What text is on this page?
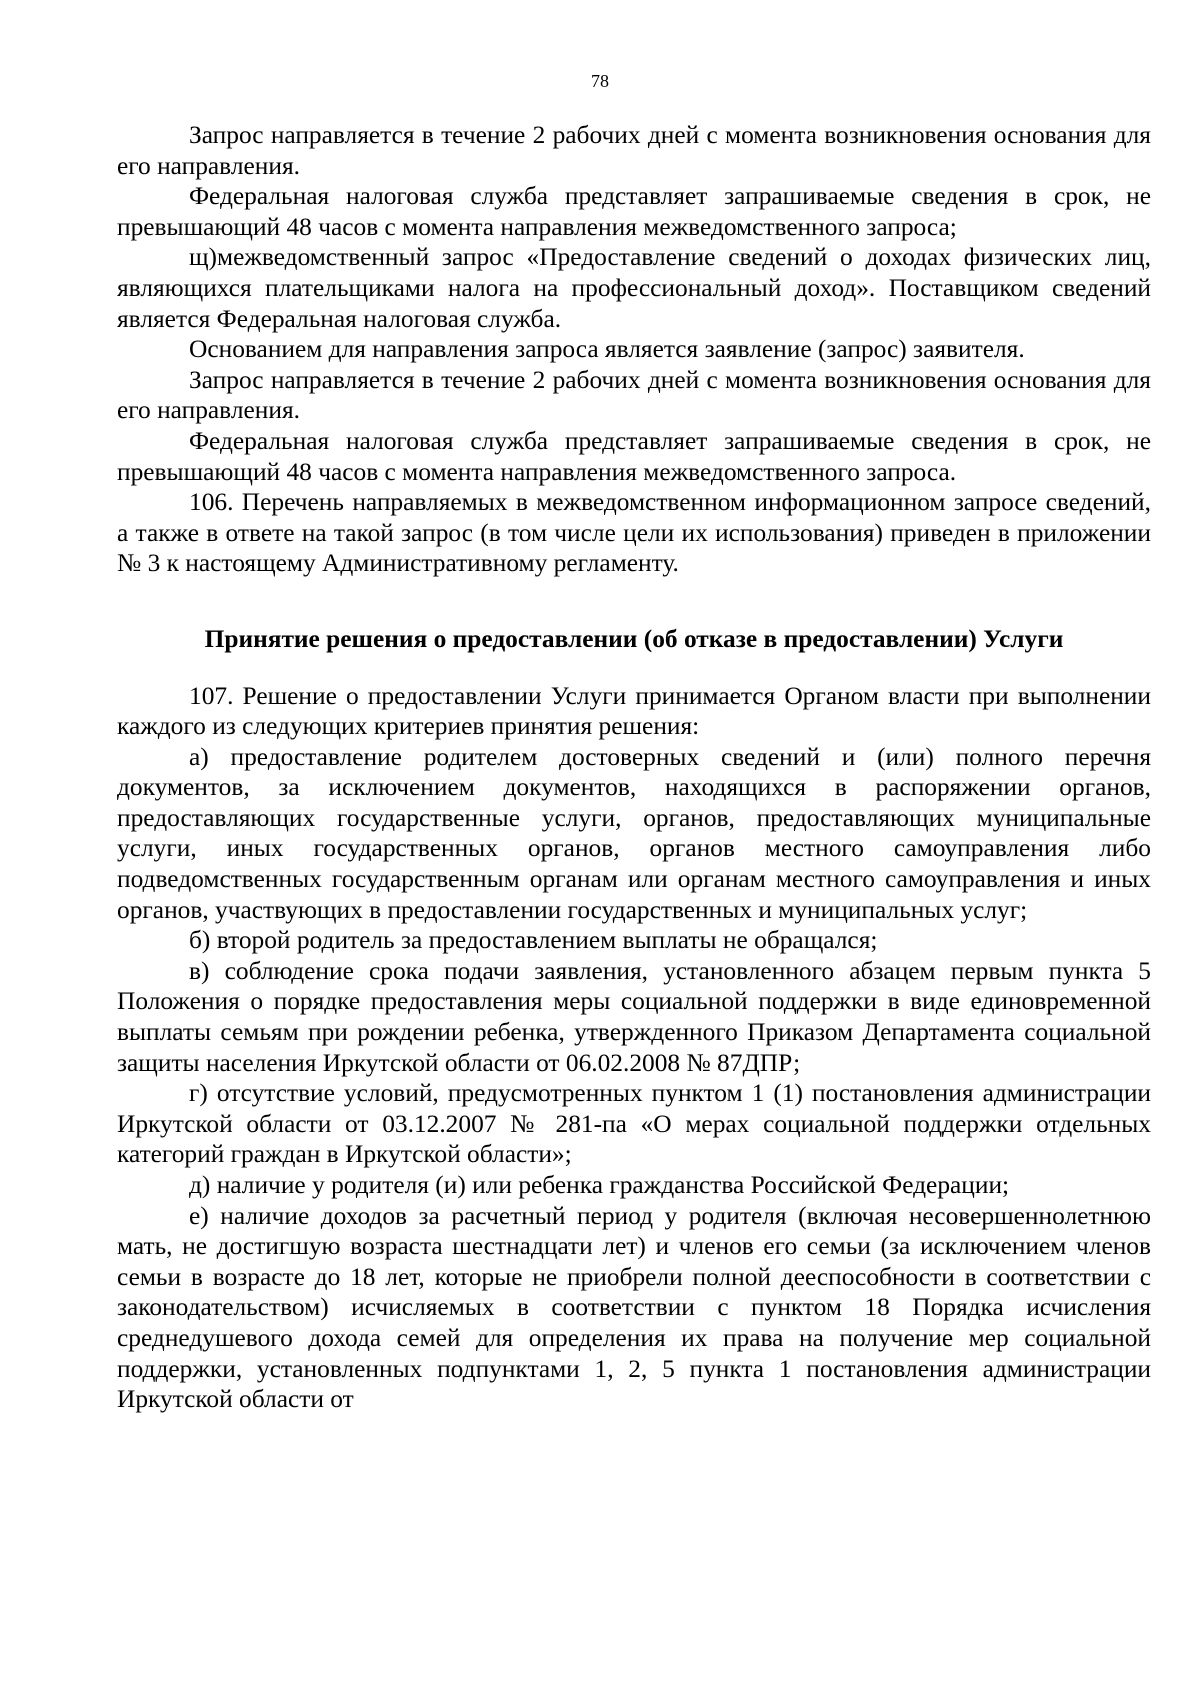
78

Запрос направляется в течение 2 рабочих дней с момента возникновения основания для его направления.

Федеральная налоговая служба представляет запрашиваемые сведения в срок, не превышающий 48 часов с момента направления межведомственного запроса;

щ)межведомственный запрос «Предоставление сведений о доходах физических лиц, являющихся плательщиками налога на профессиональный доход». Поставщиком сведений является Федеральная налоговая служба.

Основанием для направления запроса является заявление (запрос) заявителя.

Запрос направляется в течение 2 рабочих дней с момента возникновения основания для его направления.

Федеральная налоговая служба представляет запрашиваемые сведения в срок, не превышающий 48 часов с момента направления межведомственного запроса.

106. Перечень направляемых в межведомственном информационном запросе сведений, а также в ответе на такой запрос (в том числе цели их использования) приведен в приложении № 3 к настоящему Административному регламенту.

Принятие решения о предоставлении (об отказе в предоставлении) Услуги

107. Решение о предоставлении Услуги принимается Органом власти при выполнении каждого из следующих критериев принятия решения:

а) предоставление родителем достоверных сведений и (или) полного перечня документов, за исключением документов, находящихся в распоряжении органов, предоставляющих государственные услуги, органов, предоставляющих муниципальные услуги, иных государственных органов, органов местного самоуправления либо подведомственных государственным органам или органам местного самоуправления и иных органов, участвующих в предоставлении государственных и муниципальных услуг;

б) второй родитель за предоставлением выплаты не обращался;

в) соблюдение срока подачи заявления, установленного абзацем первым пункта 5 Положения о порядке предоставления меры социальной поддержки в виде единовременной выплаты семьям при рождении ребенка, утвержденного Приказом Департамента социальной защиты населения Иркутской области от 06.02.2008 № 87ДПР;

г) отсутствие условий, предусмотренных пунктом 1 (1) постановления администрации Иркутской области от 03.12.2007 № 281-па «О мерах социальной поддержки отдельных категорий граждан в Иркутской области»;

д) наличие у родителя (и) или ребенка гражданства Российской Федерации;

е) наличие доходов за расчетный период у родителя (включая несовершеннолетнюю мать, не достигшую возраста шестнадцати лет) и членов его семьи (за исключением членов семьи в возрасте до 18 лет, которые не приобрели полной дееспособности в соответствии с законодательством) исчисляемых в соответствии с пунктом 18 Порядка исчисления среднедушевого дохода семей для определения их права на получение мер социальной поддержки, установленных подпунктами 1, 2, 5 пункта 1 постановления администрации Иркутской области от
